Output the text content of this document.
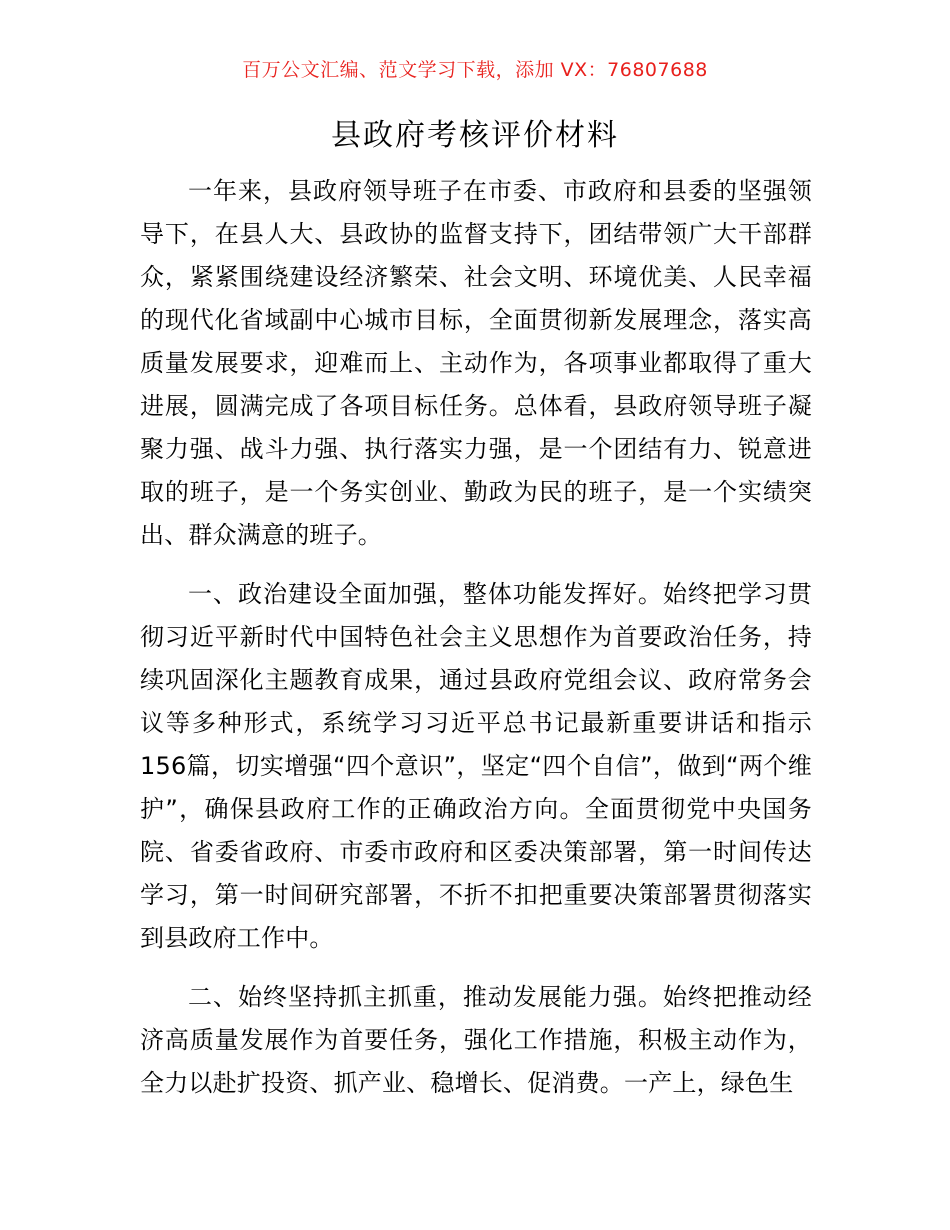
百万公文汇编、范文学习下载，添加 VX：76807688
县政府考核评价材料

一年来，县政府领导班子在市委、市政府和县委的坚强领导下，在县人大、县政协的监督支持下，团结带领广大干部群众，紧紧围绕建设经济繁荣、社会文明、环境优美、人民幸福的现代化省域副中心城市目标，全面贯彻新发展理念，落实高质量发展要求，迎难而上、主动作为，各项事业都取得了重大进展，圆满完成了各项目标任务。总体看，县政府领导班子凝聚力强、战斗力强、执行落实力强，是一个团结有力、锐意进取的班子，是一个务实创业、勤政为民的班子，是一个实绩突出、群众满意的班子。

一、政治建设全面加强，整体功能发挥好。始终把学习贯彻习近平新时代中国特色社会主义思想作为首要政治任务，持续巩固深化主题教育成果，通过县政府党组会议、政府常务会议等多种形式，系统学习习近平总书记最新重要讲话和指示156篇，切实增强“四个意识”，坚定“四个自信”，做到“两个维护”，确保县政府工作的正确政治方向。全面贯彻党中央国务院、省委省政府、市委市政府和区委决策部署，第一时间传达学习，第一时间研究部署，不折不扣把重要决策部署贯彻落实到县政府工作中。

二、始终坚持抓主抓重，推动发展能力强。始终把推动经济高质量发展作为首要任务，强化工作措施，积极主动作为，全力以赴扩投资、抓产业、稳增长、促消费。一产上，绿色生
